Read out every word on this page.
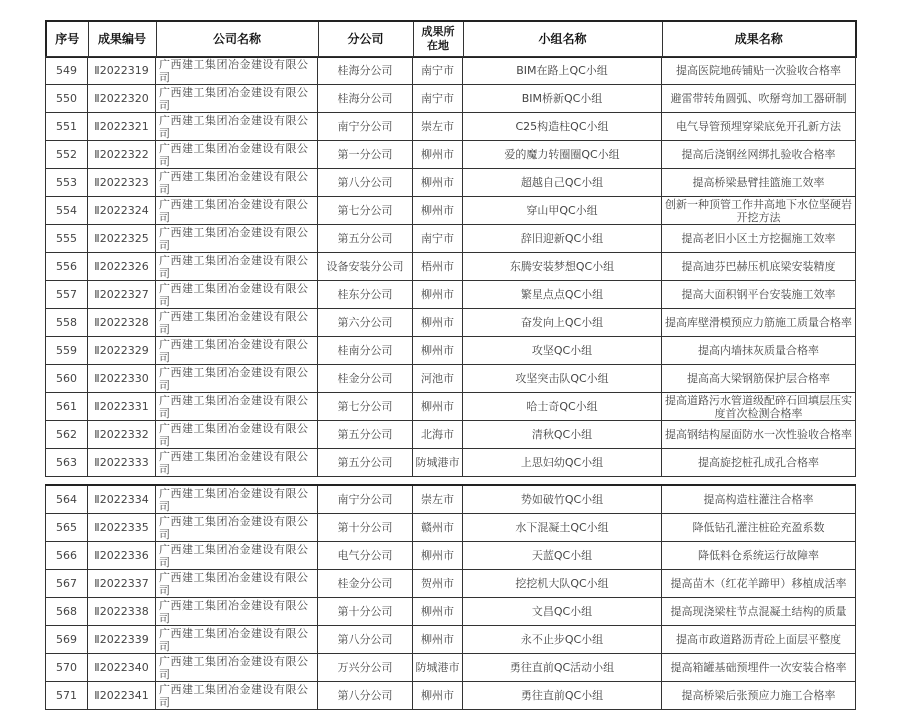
序号	成果编号	公司名称	分公司	成果所在地	小组名称	成果名称
549	Ⅱ2022319	广西建工集团冶金建设有限公司	桂海分公司	南宁市	BIM在路上QC小组	提高医院地砖铺贴一次验收合格率
550	Ⅱ2022320	广西建工集团冶金建设有限公司	桂海分公司	南宁市	BIM桥新QC小组	避雷带转角圆弧、吹掰弯加工器研制
551	Ⅱ2022321	广西建工集团冶金建设有限公司	南宁分公司	崇左市	C25构造柱QC小组	电气导管预埋穿梁底免开孔新方法
552	Ⅱ2022322	广西建工集团冶金建设有限公司	第一分公司	柳州市	爱的魔力转圈圈QC小组	提高后浇钢丝网绑扎验收合格率
553	Ⅱ2022323	广西建工集团冶金建设有限公司	第八分公司	柳州市	超越自己QC小组	提高桥梁悬臂挂篮施工效率
554	Ⅱ2022324	广西建工集团冶金建设有限公司	第七分公司	柳州市	穿山甲QC小组	创新一种顶管工作井高地下水位坚硬岩开挖方法
555	Ⅱ2022325	广西建工集团冶金建设有限公司	第五分公司	南宁市	辞旧迎新QC小组	提高老旧小区土方挖掘施工效率
556	Ⅱ2022326	广西建工集团冶金建设有限公司	设备安装分公司	梧州市	东腾安装梦想QC小组	提高迪芬巴赫压机底梁安装精度
557	Ⅱ2022327	广西建工集团冶金建设有限公司	桂东分公司	柳州市	繁星点点QC小组	提高大面积钢平台安装施工效率
558	Ⅱ2022328	广西建工集团冶金建设有限公司	第六分公司	柳州市	奋发向上QC小组	提高库壁滑模预应力筋施工质量合格率
559	Ⅱ2022329	广西建工集团冶金建设有限公司	桂南分公司	柳州市	攻坚QC小组	提高内墙抹灰质量合格率
560	Ⅱ2022330	广西建工集团冶金建设有限公司	桂金分公司	河池市	攻坚突击队QC小组	提高高大梁钢筋保护层合格率
561	Ⅱ2022331	广西建工集团冶金建设有限公司	第七分公司	柳州市	哈士奇QC小组	提高道路污水管道级配碎石回填层压实度首次检测合格率
562	Ⅱ2022332	广西建工集团冶金建设有限公司	第五分公司	北海市	清秋QC小组	提高钢结构屋面防水一次性验收合格率
563	Ⅱ2022333	广西建工集团冶金建设有限公司	第五分公司	防城港市	上思妇幼QC小组	提高旋挖桩孔成孔合格率
564	Ⅱ2022334	广西建工集团冶金建设有限公司	南宁分公司	崇左市	势如破竹QC小组	提高构造柱灌注合格率
565	Ⅱ2022335	广西建工集团冶金建设有限公司	第十分公司	赣州市	水下混凝土QC小组	降低钻孔灌注桩砼充盈系数
566	Ⅱ2022336	广西建工集团冶金建设有限公司	电气分公司	柳州市	天蓝QC小组	降低料仓系统运行故障率
567	Ⅱ2022337	广西建工集团冶金建设有限公司	桂金分公司	贺州市	挖挖机大队QC小组	提高苗木（红花羊蹄甲）移植成活率
568	Ⅱ2022338	广西建工集团冶金建设有限公司	第十分公司	柳州市	文昌QC小组	提高现浇梁柱节点混凝土结构的质量
569	Ⅱ2022339	广西建工集团冶金建设有限公司	第八分公司	柳州市	永不止步QC小组	提高市政道路沥青砼上面层平整度
570	Ⅱ2022340	广西建工集团冶金建设有限公司	万兴分公司	防城港市	勇往直前QC活动小组	提高箱罐基础预埋件一次安装合格率
571	Ⅱ2022341	广西建工集团冶金建设有限公司	第八分公司	柳州市	勇往直前QC小组	提高桥梁后张预应力施工合格率
